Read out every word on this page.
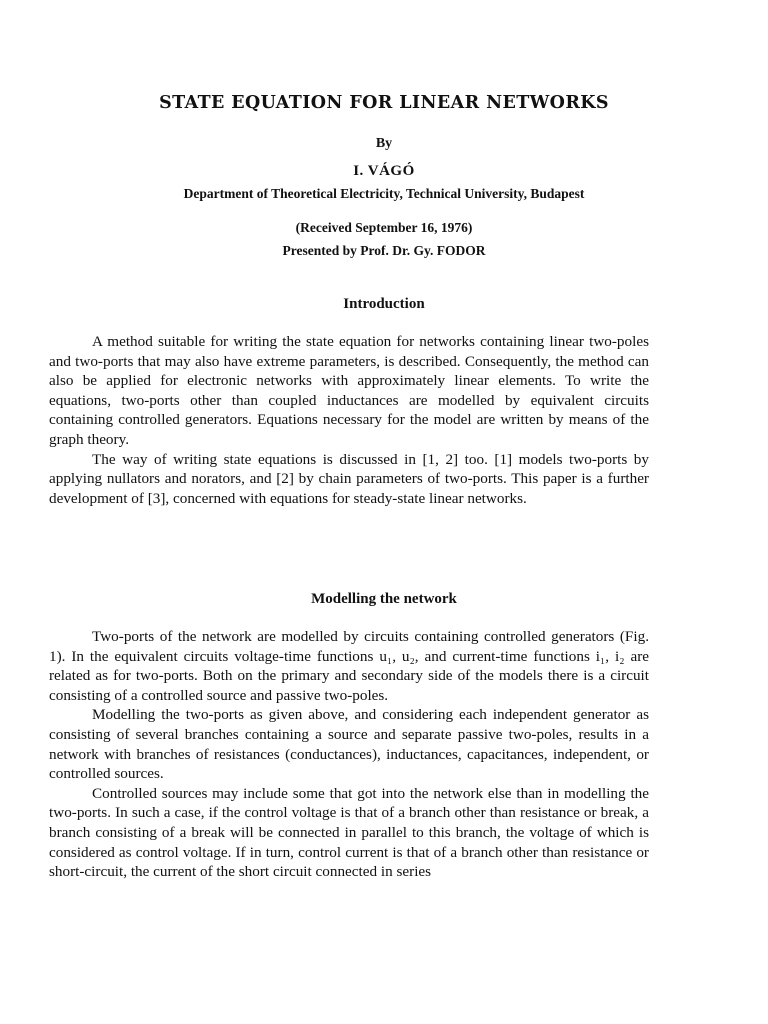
STATE EQUATION FOR LINEAR NETWORKS

By

I. VÁGÓ

Department of Theoretical Electricity, Technical University, Budapest

(Received September 16, 1976)

Presented by Prof. Dr. Gy. FODOR

Introduction

A method suitable for writing the state equation for networks containing linear two-poles and two-ports that may also have extreme parameters, is described. Consequently, the method can also be applied for electronic networks with approximately linear elements. To write the equations, two-ports other than coupled inductances are modelled by equivalent circuits containing controlled generators. Equations necessary for the model are written by means of the graph theory.

The way of writing state equations is discussed in [1, 2] too. [1] models two-ports by applying nullators and norators, and [2] by chain parameters of two-ports. This paper is a further development of [3], concerned with equations for steady-state linear networks.

Modelling the network

Two-ports of the network are modelled by circuits containing controlled generators (Fig. 1). In the equivalent circuits voltage-time functions u₁, u₂, and current-time functions i₁, i₂ are related as for two-ports. Both on the primary and secondary side of the models there is a circuit consisting of a controlled source and passive two-poles.

Modelling the two-ports as given above, and considering each independent generator as consisting of several branches containing a source and separate passive two-poles, results in a network with branches of resistances (conductances), inductances, capacitances, independent, or controlled sources.

Controlled sources may include some that got into the network else than in modelling the two-ports. In such a case, if the control voltage is that of a branch other than resistance or break, a branch consisting of a break will be connected in parallel to this branch, the voltage of which is considered as control voltage. If in turn, control current is that of a branch other than resistance or short-circuit, the current of the short circuit connected in series
